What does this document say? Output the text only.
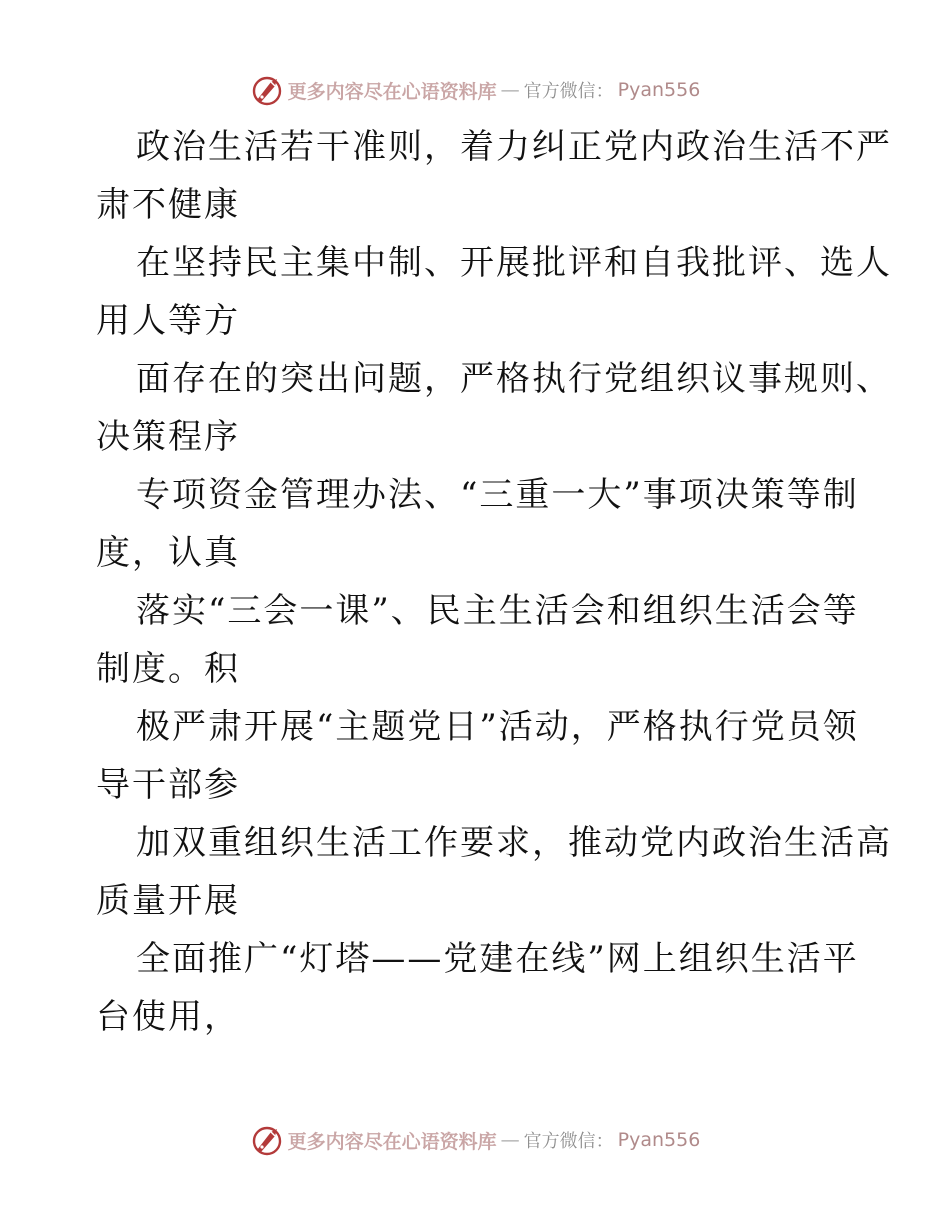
更多内容尽在心语资料库 — 官方微信： Pyan556

政治生活若干准则，着力纠正党内政治生活不严
肃不健康

在坚持民主集中制、开展批评和自我批评、选人
用人等方

面存在的突出问题，严格执行党组织议事规则、
决策程序

专项资金管理办法、“三重一大”事项决策等制
度，认真

落实“三会一课”、民主生活会和组织生活会等
制度。积

极严肃开展“主题党日”活动，严格执行党员领
导干部参

加双重组织生活工作要求，推动党内政治生活高
质量开展

全面推广“灯塔——党建在线”网上组织生活平
台使用，

更多内容尽在心语资料库 — 官方微信： Pyan556
